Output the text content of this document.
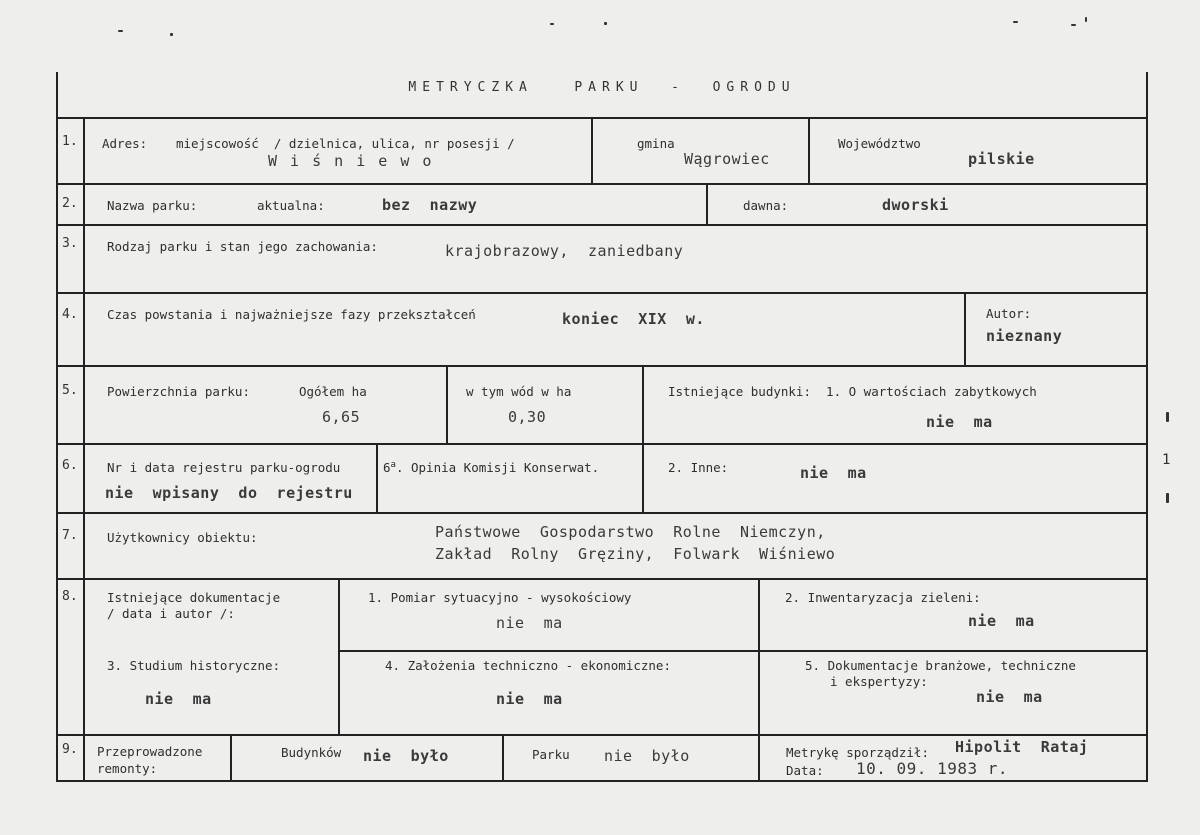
1
METRYCZKA   PARKU  -  OGRODU
1. Adres: miejscowość  / dzielnica, ulica, nr posesji /
W i ś n i e w o
gmina
Wągrowiec
Województwo
pilskie
2. Nazwa parku:	aktualna:	bez  nazwy	dawna:	dworski
3. Rodzaj parku i stan jego zachowania:	krajobrazowy,  zaniedbany
4. Czas powstania i najważniejsze fazy przekształceń	koniec  XIX  w.	Autor:
nieznany
5. Powierzchnia parku:	Ogółem ha
6,65
w tym wód w ha
0,30
Istniejące budynki:  1. O wartościach zabytkowych
nie  ma
6. Nr i data rejestru parku-ogrodu
nie  wpisany  do  rejestru
6$^a$. Opinia Komisji Konserwat.	2. Inne:	nie  ma
7. Użytkownicy obiektu:	Państwowe  Gospodarstwo  Rolne  Niemczyn,
Zakład  Rolny  Gręziny,  Folwark  Wiśniewo
8. Istniejące dokumentacje
/ data i autor /:
1. Pomiar sytuacyjno - wysokościowy
nie  ma
2. Inwentaryzacja zieleni:
nie  ma
3. Studium historyczne:
nie  ma
4. Założenia techniczno - ekonomiczne:
nie  ma
5. Dokumentacje branżowe, techniczne
i ekspertyzy:
nie  ma
9. Przeprowadzone
remonty:
Budynków nie  było	Parku nie  było	Metrykę sporządził: Hipolit  Rataj
Data: 10. 09. 1983 r.
